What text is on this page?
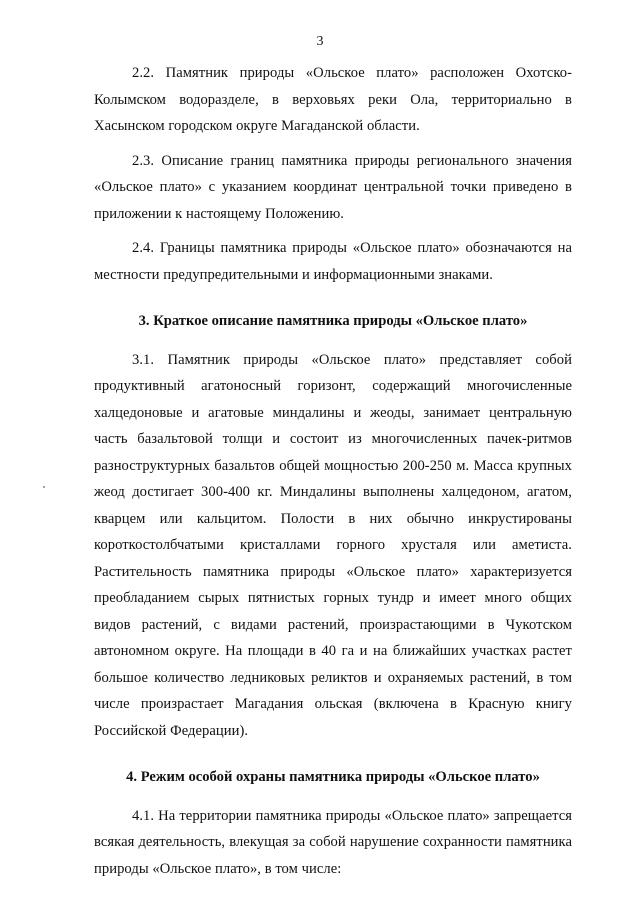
3

2.2. Памятник природы «Ольское плато» расположен Охотско-Колымском водоразделе, в верховьях реки Ола, территориально в Хасынском городском округе Магаданской области.

2.3. Описание границ памятника природы регионального значения «Ольское плато» с указанием координат центральной точки приведено в приложении к настоящему Положению.

2.4. Границы памятника природы «Ольское плато» обозначаются на местности предупредительными и информационными знаками.

3. Краткое описание памятника природы «Ольское плато»

3.1. Памятник природы «Ольское плато» представляет собой продуктивный агатоносный горизонт, содержащий многочисленные халцедоновые и агатовые миндалины и жеоды, занимает центральную часть базальтовой толщи и состоит из многочисленных пачек-ритмов разноструктурных базальтов общей мощностью 200-250 м. Масса крупных жеод достигает 300-400 кг. Миндалины выполнены халцедоном, агатом, кварцем или кальцитом. Полости в них обычно инкрустированы короткостолбчатыми кристаллами горного хрусталя или аметиста. Растительность памятника природы «Ольское плато» характеризуется преобладанием сырых пятнистых горных тундр и имеет много общих видов растений, с видами растений, произрастающими в Чукотском автономном округе. На площади в 40 га и на ближайших участках растет большое количество ледниковых реликтов и охраняемых растений, в том числе произрастает Магадания ольская (включена в Красную книгу Российской Федерации).

4. Режим особой охраны памятника природы «Ольское плато»

4.1. На территории памятника природы «Ольское плато» запрещается всякая деятельность, влекущая за собой нарушение сохранности памятника природы «Ольское плато», в том числе:
